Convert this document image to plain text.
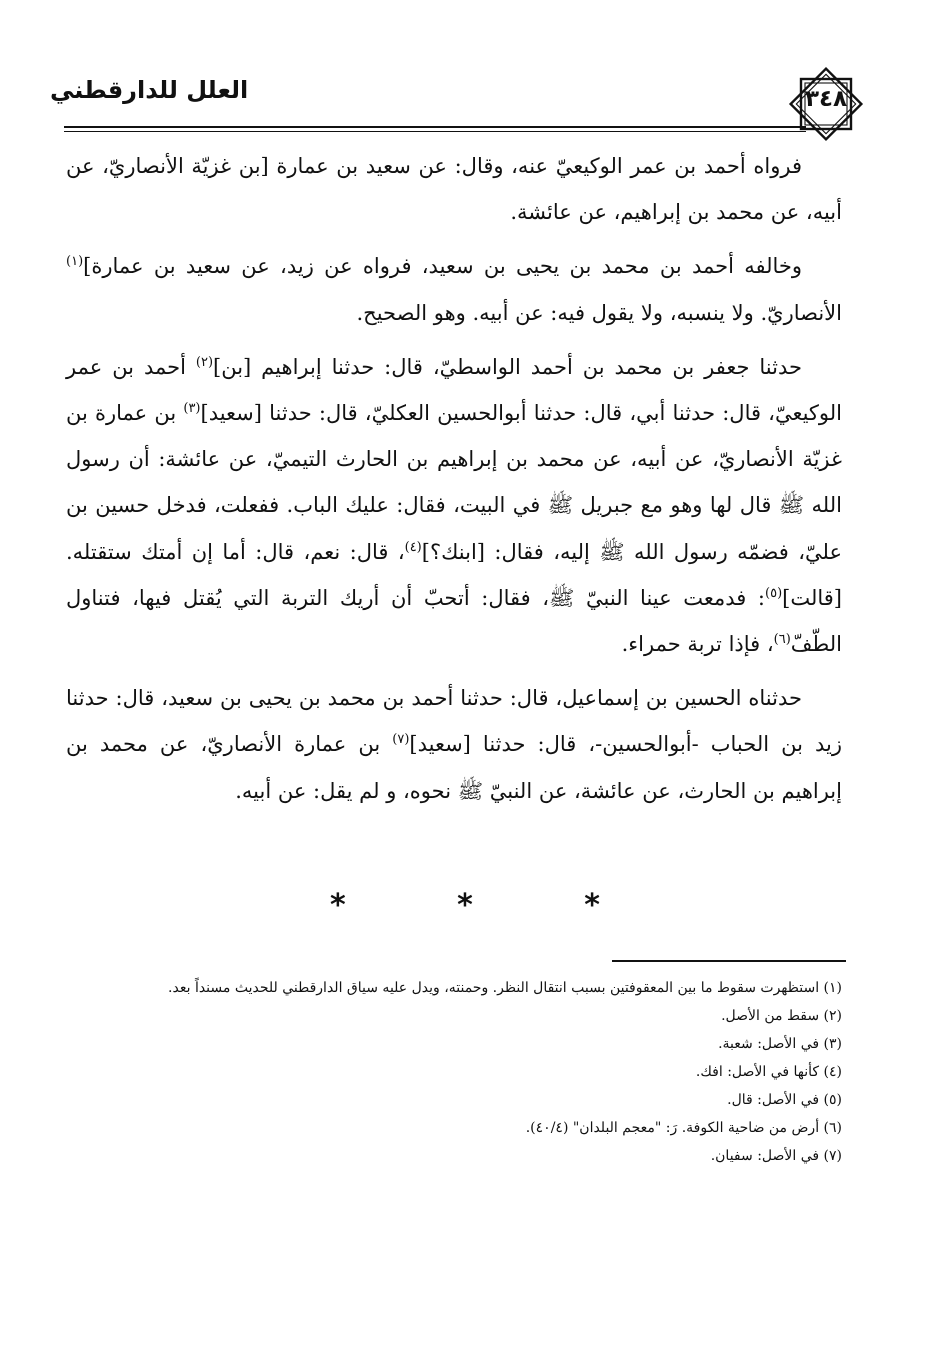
العلل للدارقطني	٣٤٨

فرواه أحمد بن عمر الوكيعيّ عنه، وقال: عن سعيد بن عمارة [بن غزيّة الأنصاريّ، عن أبيه، عن محمد بن إبراهيم، عن عائشة.

وخالفه أحمد بن محمد بن يحيى بن سعيد، فرواه عن زيد، عن سعيد بن عمارة]$^{(١)}$ الأنصاريّ. ولا ينسبه، ولا يقول فيه: عن أبيه. وهو الصحيح.

حدثنا جعفر بن محمد بن أحمد الواسطيّ، قال: حدثنا إبراهيم [بن]$^{(٢)}$ أحمد بن عمر الوكيعيّ، قال: حدثنا أبي، قال: حدثنا أبوالحسين العكليّ، قال: حدثنا [سعيد]$^{(٣)}$ بن عمارة بن غزيّة الأنصاريّ، عن أبيه، عن محمد بن إبراهيم بن الحارث التيميّ، عن عائشة: أن رسول الله ﷺ قال لها وهو مع جبريل ﷺ في البيت، فقال: عليك الباب. ففعلت، فدخل حسين بن عليّ، فضمّه رسول الله ﷺ إليه، فقال: [ابنك؟]$^{(٤)}$، قال: نعم، قال: أما إن أمتك ستقتله. [قالت]$^{(٥)}$: فدمعت عينا النبيّ ﷺ، فقال: أتحبّ أن أريك التربة التي يُقتل فيها، فتناول الطّفّ$^{(٦)}$، فإذا تربة حمراء.

حدثناه الحسين بن إسماعيل، قال: حدثنا أحمد بن محمد بن يحيى بن سعيد، قال: حدثنا زيد بن الحباب -أبوالحسين-، قال: حدثنا [سعيد]$^{(٧)}$ بن عمارة الأنصاريّ، عن محمد بن إبراهيم بن الحارث، عن عائشة، عن النبيّ ﷺ نحوه، و لم يقل: عن أبيه.

*	*	*
(١) استظهرت سقوط ما بين المعقوفتين بسبب انتقال النظر. وحمنته، ويدل عليه سياق الدارقطني للحديث مسنداً بعد.
(٢) سقط من الأصل.
(٣) في الأصل: شعبة.
(٤) كأنها في الأصل: افك.
(٥) في الأصل: قال.
(٦) أرض من ضاحية الكوفة. رَ: "معجم البلدان" (٤٠/٤).
(٧) في الأصل: سفيان.
